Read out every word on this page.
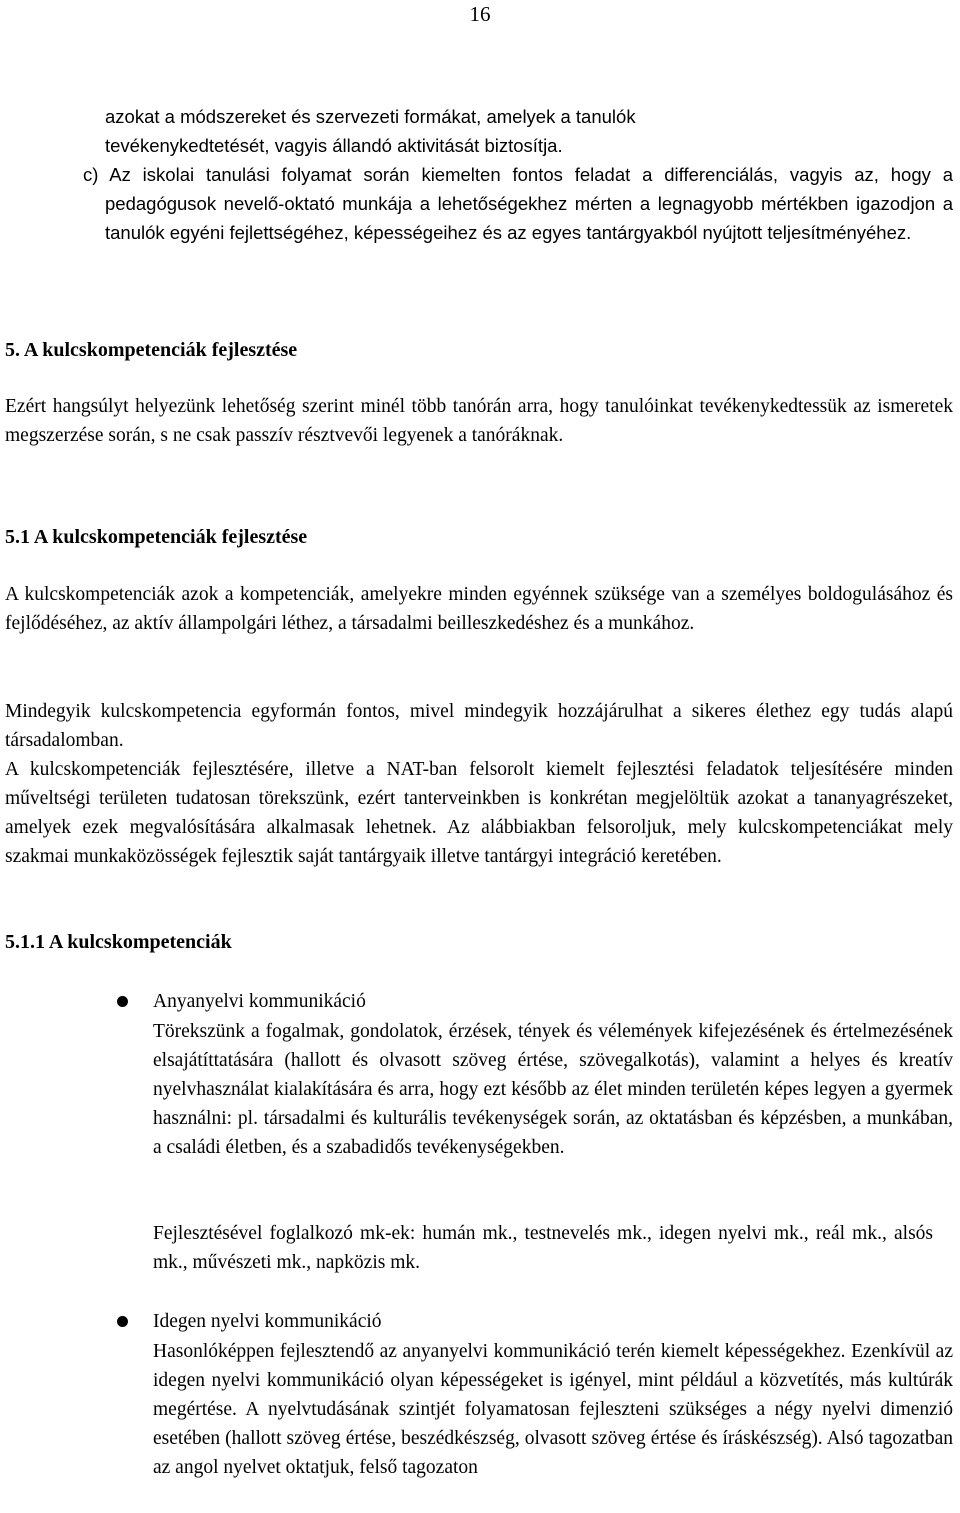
16

azokat a módszereket és szervezeti formákat, amelyek a tanulók

tevékenykedtetését, vagyis állandó aktivitását biztosítja.

c) Az iskolai tanulási folyamat során kiemelten fontos feladat a differenciálás, vagyis az, hogy a pedagógusok nevelő-oktató munkája a lehetőségekhez mérten a legnagyobb mértékben igazodjon a tanulók egyéni fejlettségéhez, képességeihez és az egyes tantárgyakból nyújtott teljesítményéhez.

5. A kulcskompetenciák fejlesztése

Ezért hangsúlyt helyezünk lehetőség szerint minél több tanórán arra, hogy tanulóinkat tevékenykedtessük az ismeretek megszerzése során, s ne csak passzív résztvevői legyenek a tanóráknak.

5.1 A kulcskompetenciák fejlesztése

A kulcskompetenciák azok a kompetenciák, amelyekre minden egyénnek szüksége van a személyes boldogulásához és fejlődéséhez, az aktív állampolgári léthez, a társadalmi beilleszkedéshez és a munkához.

Mindegyik kulcskompetencia egyformán fontos, mivel mindegyik hozzájárulhat a sikeres élethez egy tudás alapú társadalomban.

A kulcskompetenciák fejlesztésére, illetve a NAT-ban felsorolt kiemelt fejlesztési feladatok teljesítésére minden műveltségi területen tudatosan törekszünk, ezért tanterveinkben is konkrétan megjelöltük azokat a tananyagrészeket, amelyek ezek megvalósítására alkalmasak lehetnek. Az alábbiakban felsoroljuk, mely kulcskompetenciákat mely szakmai munkaközösségek fejlesztik saját tantárgyaik illetve tantárgyi integráció keretében.

5.1.1 A kulcskompetenciák

Anyanyelvi kommunikáció

Törekszünk a fogalmak, gondolatok, érzések, tények és vélemények kifejezésének és értelmezésének elsajátíttatására (hallott és olvasott szöveg értése, szövegalkotás), valamint a helyes és kreatív nyelvhasználat kialakítására és arra, hogy ezt később az élet minden területén képes legyen a gyermek használni: pl. társadalmi és kulturális tevékenységek során, az oktatásban és képzésben, a munkában, a családi életben, és a szabadidős tevékenységekben.

Fejlesztésével foglalkozó mk-ek: humán mk., testnevelés mk., idegen nyelvi mk., reál mk., alsós mk., művészeti mk., napközis mk.

Idegen nyelvi kommunikáció

Hasonlóképpen fejlesztendő az anyanyelvi kommunikáció terén kiemelt képességekhez. Ezenkívül az idegen nyelvi kommunikáció olyan képességeket is igényel, mint például a közvetítés, más kultúrák megértése. A nyelvtudásának szintjét folyamatosan fejleszteni szükséges a négy nyelvi dimenzió esetében (hallott szöveg értése, beszédkészség, olvasott szöveg értése és íráskészség). Alsó tagozatban az angol nyelvet oktatjuk, felső tagozaton
